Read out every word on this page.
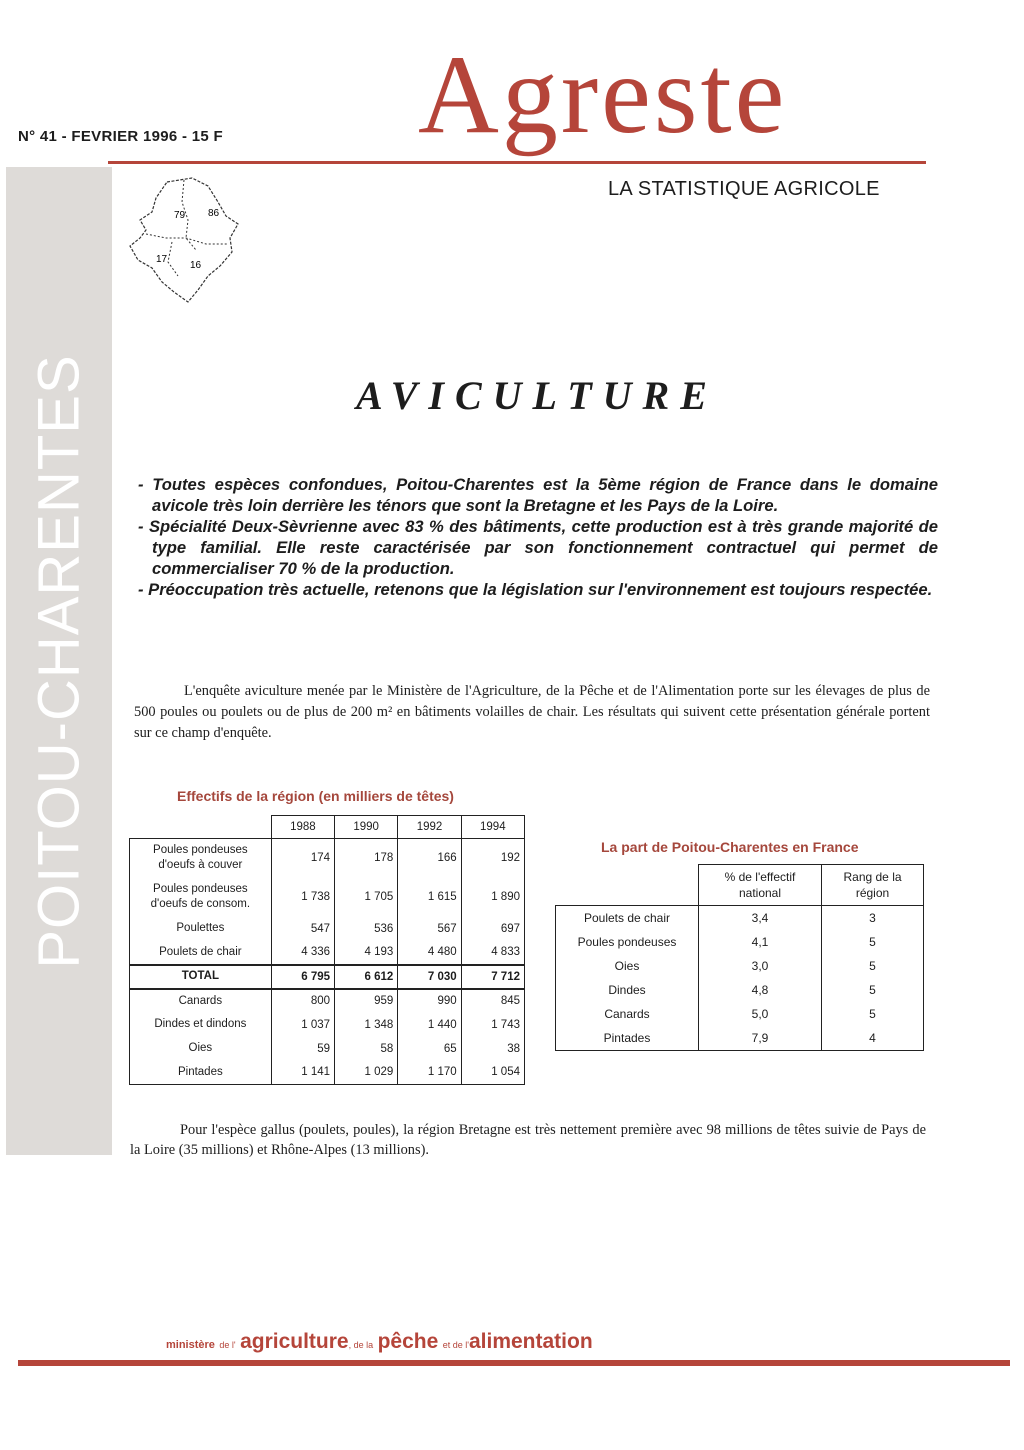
POITOU-CHARENTES
N° 41 - FEVRIER 1996 - 15 F Agreste
LA STATISTIQUE AGRICOLE
79 86
17
16
AVICULTURE
- Toutes espèces confondues, Poitou-Charentes est la 5ème région de France dans le domaine avicole très loin derrière les ténors que sont la Bretagne et les Pays de la Loire.
- Spécialité Deux-Sèvrienne avec 83 % des bâtiments, cette production est à très grande majorité de type familial. Elle reste caractérisée par son fonctionnement contractuel qui permet de commercialiser 70 % de la production.
- Préoccupation très actuelle, retenons que la législation sur l'environnement est toujours respectée.

L'enquête aviculture menée par le Ministère de l'Agriculture, de la Pêche et de l'Alimentation porte sur les élevages de plus de 500 poules ou poulets ou de plus de 200 m² en bâtiments volailles de chair. Les résultats qui suivent cette présentation générale portent sur ce champ d'enquête.

Effectifs de la région (en milliers de têtes)
	1988	1990	1992	1994
Poules pondeuses d'oeufs à couver	174	178	166	192
Poules pondeuses d'oeufs de consom.	1 738	1 705	1 615	1 890
Poulettes	547	536	567	697
Poulets de chair	4 336	4 193	4 480	4 833
TOTAL	6 795	6 612	7 030	7 712
Canards	800	959	990	845
Dindes et dindons	1 037	1 348	1 440	1 743
Oies	59	58	65	38
Pintades	1 141	1 029	1 170	1 054
La part de Poitou-Charentes en France
	% de l'effectif national	Rang de la région
Poulets de chair	3,4	3
Poules pondeuses	4,1	5
Oies	3,0	5
Dindes	4,8	5
Canards	5,0	5
Pintades	7,9	4

Pour l'espèce gallus (poulets, poules), la région Bretagne est très nettement première avec 98 millions de têtes suivie de Pays de la Loire (35 millions) et Rhône-Alpes (13 millions).

ministère de l' agriculture, de la pêche et de l'alimentation
